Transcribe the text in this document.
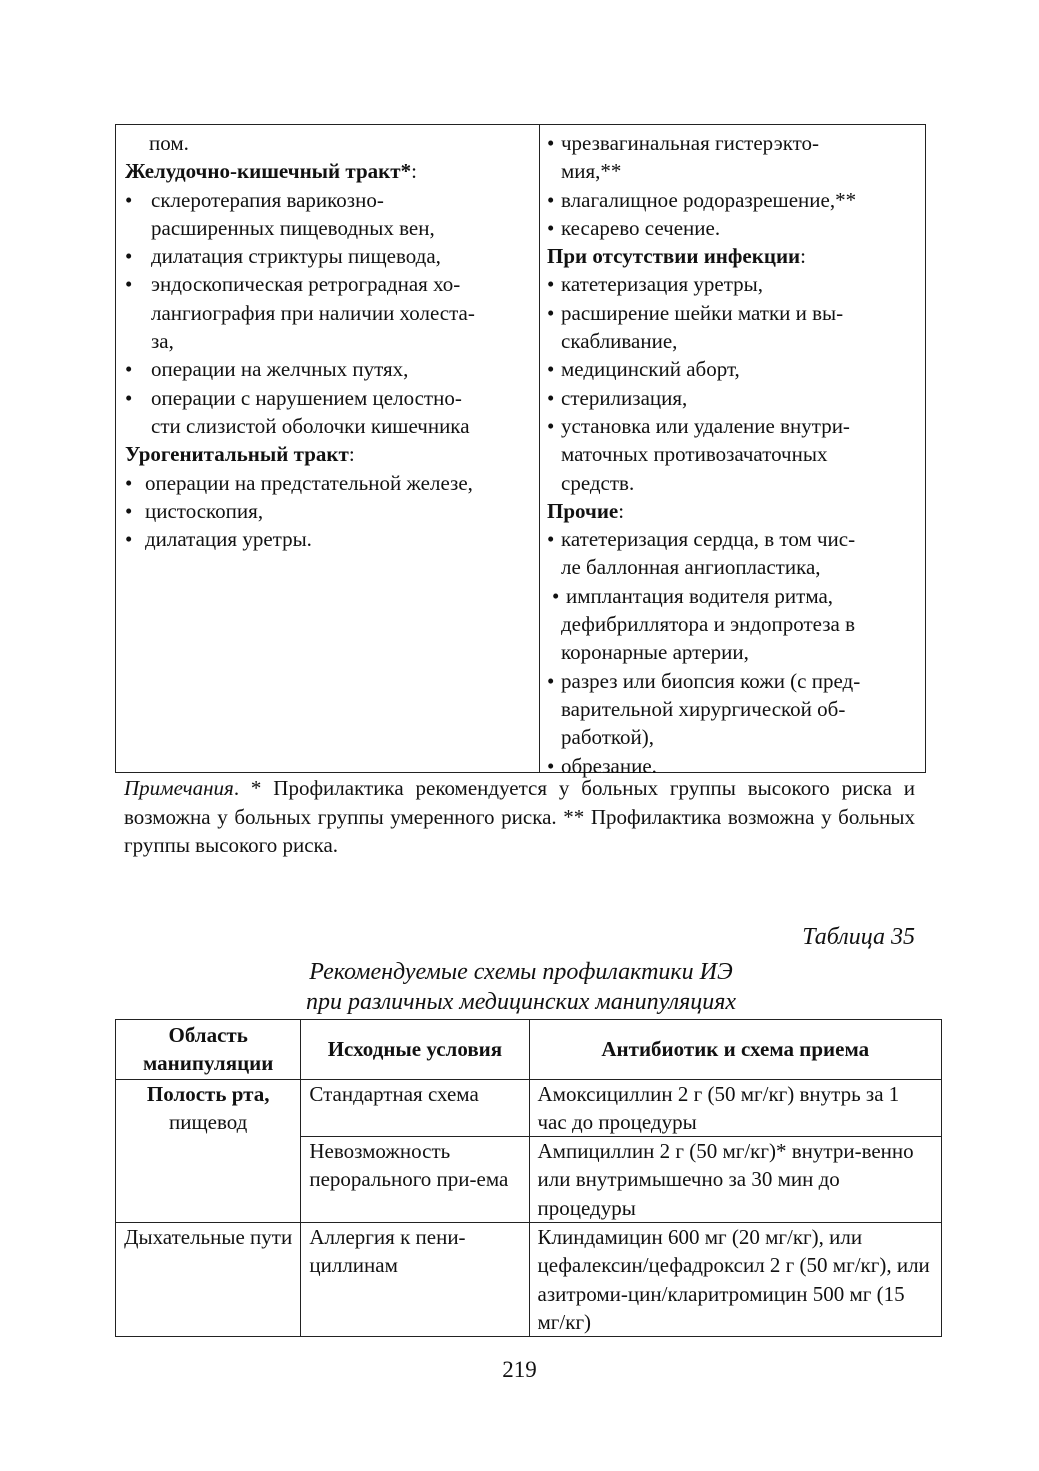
пом.
Желудочно-кишечный тракт*:
• склеротерапия варикозно-
расширенных пищеводных вен,
• дилатация стриктуры пищевода,
• эндоскопическая ретроградная хо-
лангиография при наличии холеста-
за,
• операции на желчных путях,
• операции с нарушением целостно-
сти слизистой оболочки кишечника
Урогенитальный тракт:
• операции на предстательной железе,
• цистоскопия,
• дилатация уретры.
• чрезвагинальная гистерэкто-
мия,**
• влагалищное родоразрешение,**
• кесарево сечение.
При отсутствии инфекции:
• катетеризация уретры,
• расширение шейки матки и вы-
скабливание,
• медицинский аборт,
• стерилизация,
• установка или удаление внутри-
маточных противозачаточных
средств.
Прочие:
• катетеризация сердца, в том чис-
ле баллонная ангиопластика,
• имплантация водителя ритма,
дефибриллятора и эндопротеза в
коронарные артерии,
• разрез или биопсия кожи (с пред-
варительной хирургической об-
работкой),
• обрезание.
Примечания. * Профилактика рекомендуется у больных группы высокого риска и возможна у больных группы умеренного риска. ** Профилактика возможна у больных группы высокого риска.
Таблица 35
Рекомендуемые схемы профилактики ИЭ
при различных медицинских манипуляциях
Область манипуляции	Исходные условия	Антибиотик и схема приема

Полость рта,
пищевод	Стандартная схема	Амоксициллин 2 г (50 мг/кг) внутрь за 1 час до процедуры
	Невозможность перорального при-ема	Ампициллин 2 г (50 мг/кг)* внутри-венно или внутримышечно за 30 мин до процедуры
Дыхательные пути	Аллергия к пени-циллинам	Клиндамицин 600 мг (20 мг/кг), или цефалексин/цефадроксил 2 г (50 мг/кг), или азитроми-цин/кларитромицин 500 мг (15 мг/кг)
219
